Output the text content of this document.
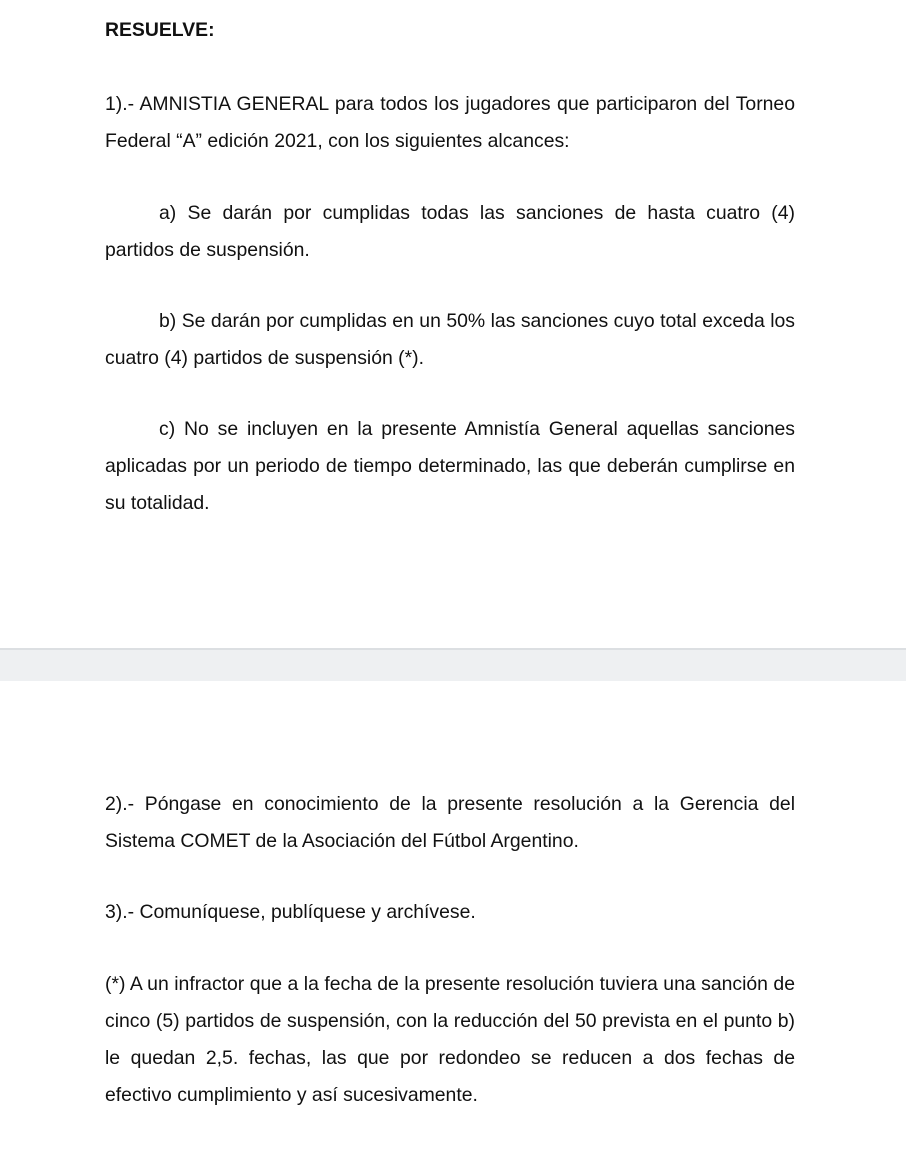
RESUELVE:

1).- AMNISTIA GENERAL para todos los jugadores que participaron del Torneo Federal “A” edición 2021, con los siguientes alcances:

a) Se darán por cumplidas todas las sanciones de hasta cuatro (4) partidos de suspensión.

b) Se darán por cumplidas en un 50% las sanciones cuyo total exceda los cuatro (4) partidos de suspensión (*).

c) No se incluyen en la presente Amnistía General aquellas sanciones aplicadas por un periodo de tiempo determinado, las que deberán cumplirse en su totalidad.

2).- Póngase en conocimiento de la presente resolución a la Gerencia del Sistema COMET de la Asociación del Fútbol Argentino.

3).- Comuníquese, publíquese y archívese.

(*) A un infractor que a la fecha de la presente resolución tuviera una sanción de cinco (5) partidos de suspensión, con la reducción del 50 prevista en el punto b) le quedan 2,5. fechas, las que por redondeo se reducen a dos fechas de efectivo cumplimiento y así sucesivamente.
